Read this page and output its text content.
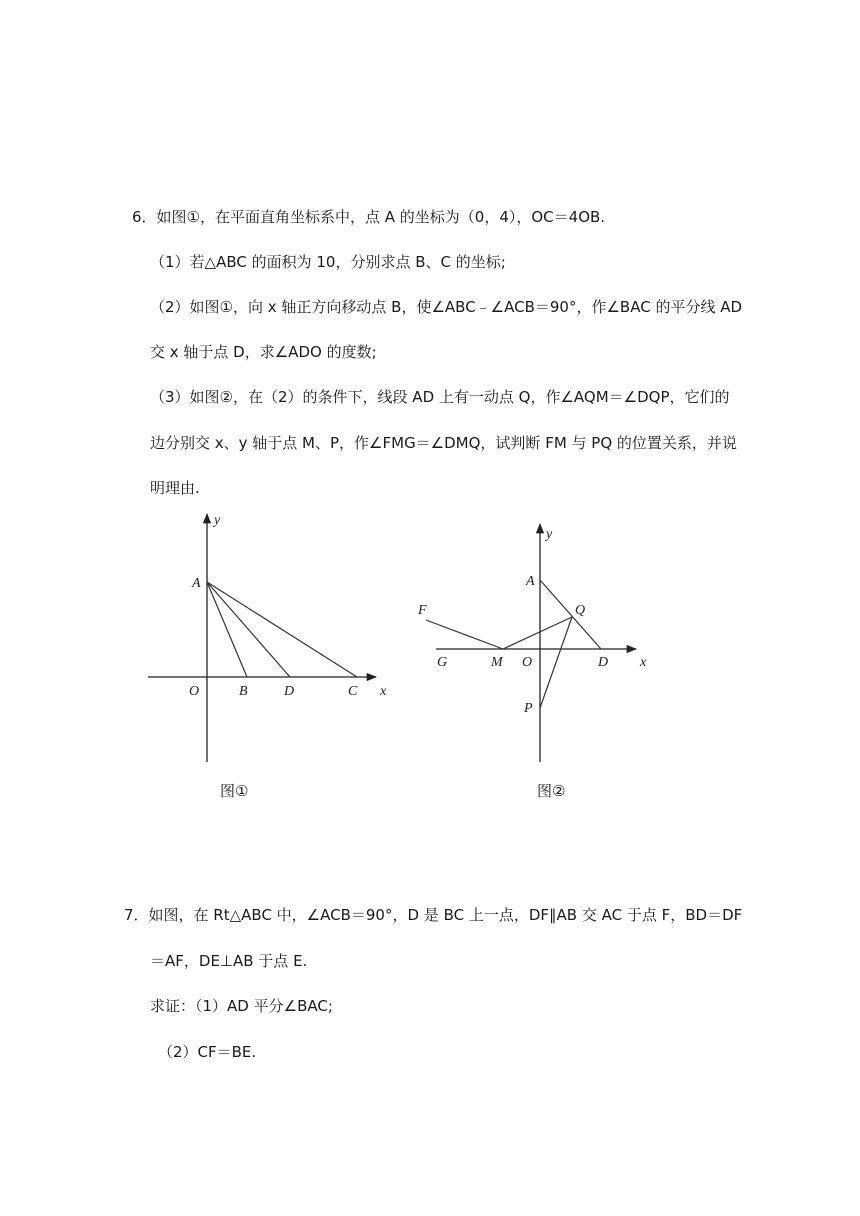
6．如图①，在平面直角坐标系中，点 A 的坐标为（0，4），OC＝4OB.
（1）若△ABC 的面积为 10，分别求点 B、C 的坐标;
（2）如图①，向 x 轴正方向移动点 B，使∠ABC﹣∠ACB＝90°，作∠BAC 的平分线 AD
交 x 轴于点 D，求∠ADO 的度数;
（3）如图②，在（2）的条件下，线段 AD 上有一动点 Q，作∠AQM＝∠DQP，它们的
边分别交 x、y 轴于点 M、P，作∠FMG＝∠DMQ，试判断 FM 与 PQ 的位置关系，并说
明理由.
y
A
O	B	D	C x
图①
y
A
F	Q
G	M O	D x
P
图②
7．如图，在 Rt△ABC 中，∠ACB＝90°，D 是 BC 上一点，DF∥AB 交 AC 于点 F，BD＝DF
＝AF，DE⊥AB 于点 E.
求证：（1）AD 平分∠BAC;
（2）CF＝BE.
